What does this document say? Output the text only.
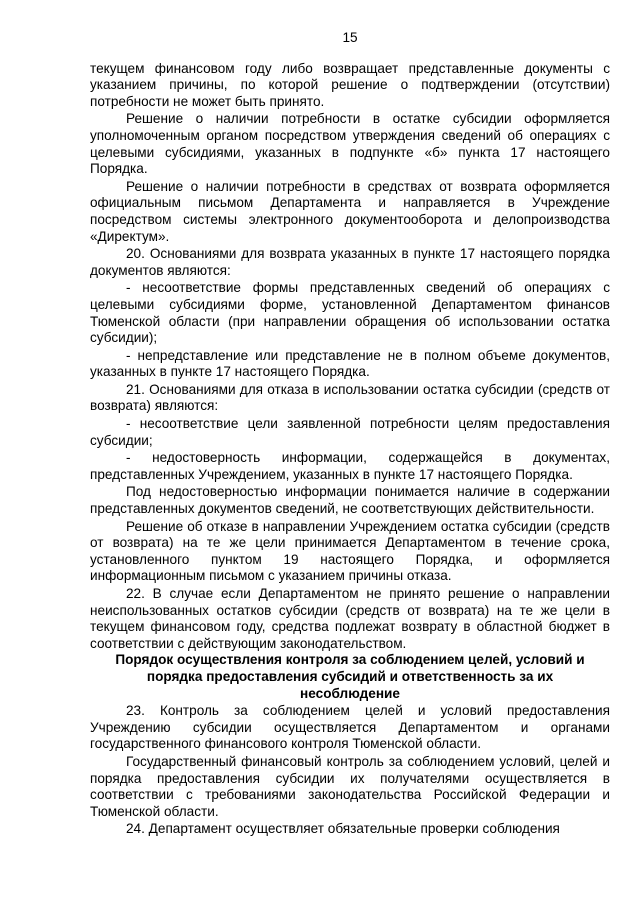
15

текущем финансовом году либо возвращает представленные документы с указанием причины, по которой решение о подтверждении (отсутствии) потребности не может быть принято.

Решение о наличии потребности в остатке субсидии оформляется уполномоченным органом посредством утверждения сведений об операциях с целевыми субсидиями, указанных в подпункте «б» пункта 17 настоящего Порядка.

Решение о наличии потребности в средствах от возврата оформляется официальным письмом Департамента и направляется в Учреждение посредством системы электронного документооборота и делопроизводства «Директум».

20. Основаниями для возврата указанных в пункте 17 настоящего порядка документов являются:

- несоответствие формы представленных сведений об операциях с целевыми субсидиями форме, установленной Департаментом финансов Тюменской области (при направлении обращения об использовании остатка субсидии);

- непредставление или представление не в полном объеме документов, указанных в пункте 17 настоящего Порядка.

21. Основаниями для отказа в использовании остатка субсидии (средств от возврата) являются:

- несоответствие цели заявленной потребности целям предоставления субсидии;

- недостоверность информации, содержащейся в документах, представленных Учреждением, указанных в пункте 17 настоящего Порядка.

Под недостоверностью информации понимается наличие в содержании представленных документов сведений, не соответствующих действительности.

Решение об отказе в направлении Учреждением остатка субсидии (средств от возврата) на те же цели принимается Департаментом в течение срока, установленного пунктом 19 настоящего Порядка, и оформляется информационным письмом с указанием причины отказа.

22. В случае если Департаментом не принято решение о направлении неиспользованных остатков субсидии (средств от возврата) на те же цели в текущем финансовом году, средства подлежат возврату в областной бюджет в соответствии с действующим законодательством.

Порядок осуществления контроля за соблюдением целей, условий и порядка предоставления субсидий и ответственность за их несоблюдение

23. Контроль за соблюдением целей и условий предоставления Учреждению субсидии осуществляется Департаментом и органами государственного финансового контроля Тюменской области.

Государственный финансовый контроль за соблюдением условий, целей и порядка предоставления субсидии их получателями осуществляется в соответствии с требованиями законодательства Российской Федерации и Тюменской области.

24. Департамент осуществляет обязательные проверки соблюдения
